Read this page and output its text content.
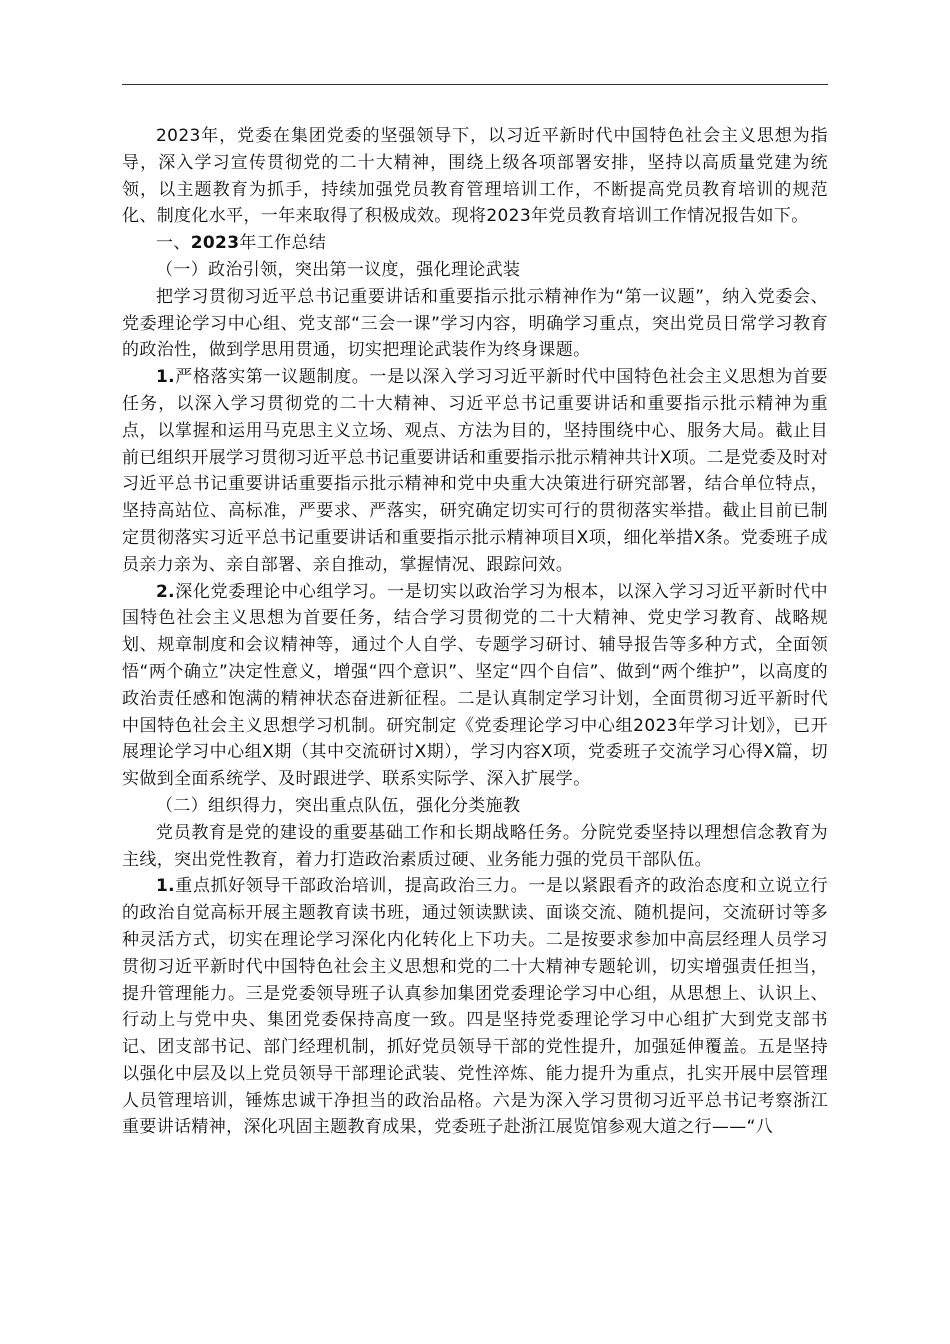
2023年，党委在集团党委的坚强领导下，以习近平新时代中国特色社会主义思想为指导，深入学习宣传贯彻党的二十大精神，围绕上级各项部署安排，坚持以高质量党建为统领，以主题教育为抓手，持续加强党员教育管理培训工作，不断提高党员教育培训的规范化、制度化水平，一年来取得了积极成效。现将2023年党员教育培训工作情况报告如下。

一、2023年工作总结

（一）政治引领，突出第一议度，强化理论武装

把学习贯彻习近平总书记重要讲话和重要指示批示精神作为“第一议题”，纳入党委会、党委理论学习中心组、党支部“三会一课”学习内容，明确学习重点，突出党员日常学习教育的政治性，做到学思用贯通，切实把理论武装作为终身课题。

1.严格落实第一议题制度。一是以深入学习习近平新时代中国特色社会主义思想为首要任务，以深入学习贯彻党的二十大精神、习近平总书记重要讲话和重要指示批示精神为重点，以掌握和运用马克思主义立场、观点、方法为目的，坚持围绕中心、服务大局。截止目前已组织开展学习贯彻习近平总书记重要讲话和重要指示批示精神共计X项。二是党委及时对习近平总书记重要讲话重要指示批示精神和党中央重大决策进行研究部署，结合单位特点，坚持高站位、高标准，严要求、严落实，研究确定切实可行的贯彻落实举措。截止目前已制定贯彻落实习近平总书记重要讲话和重要指示批示精神项目X项，细化举措X条。党委班子成员亲力亲为、亲自部署、亲自推动，掌握情况、跟踪问效。

2.深化党委理论中心组学习。一是切实以政治学习为根本，以深入学习习近平新时代中国特色社会主义思想为首要任务，结合学习贯彻党的二十大精神、党史学习教育、战略规划、规章制度和会议精神等，通过个人自学、专题学习研讨、辅导报告等多种方式，全面领悟“两个确立”决定性意义，增强“四个意识”、坚定“四个自信”、做到“两个维护”，以高度的政治责任感和饱满的精神状态奋进新征程。二是认真制定学习计划，全面贯彻习近平新时代中国特色社会主义思想学习机制。研究制定《党委理论学习中心组2023年学习计划》，已开展理论学习中心组X期（其中交流研讨X期），学习内容X项，党委班子交流学习心得X篇，切实做到全面系统学、及时跟进学、联系实际学、深入扩展学。

（二）组织得力，突出重点队伍，强化分类施教

党员教育是党的建设的重要基础工作和长期战略任务。分院党委坚持以理想信念教育为主线，突出党性教育，着力打造政治素质过硬、业务能力强的党员干部队伍。

1.重点抓好领导干部政治培训，提高政治三力。一是以紧跟看齐的政治态度和立说立行的政治自觉高标开展主题教育读书班，通过领读默读、面谈交流、随机提问，交流研讨等多种灵活方式，切实在理论学习深化内化转化上下功夫。二是按要求参加中高层经理人员学习贯彻习近平新时代中国特色社会主义思想和党的二十大精神专题轮训，切实增强责任担当，提升管理能力。三是党委领导班子认真参加集团党委理论学习中心组，从思想上、认识上、行动上与党中央、集团党委保持高度一致。四是坚持党委理论学习中心组扩大到党支部书记、团支部书记、部门经理机制，抓好党员领导干部的党性提升，加强延伸覆盖。五是坚持以强化中层及以上党员领导干部理论武装、党性淬炼、能力提升为重点，扎实开展中层管理人员管理培训，锤炼忠诚干净担当的政治品格。六是为深入学习贯彻习近平总书记考察浙江重要讲话精神，深化巩固主题教育成果，党委班子赴浙江展览馆参观大道之行——“八
